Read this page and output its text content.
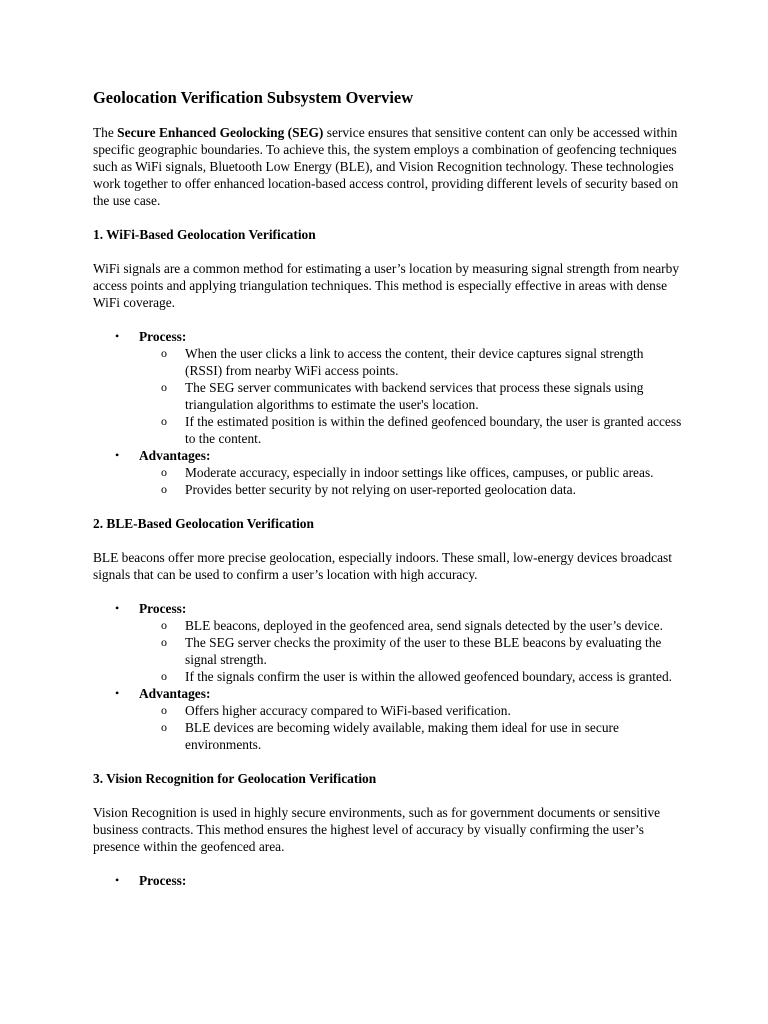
Geolocation Verification Subsystem Overview

The Secure Enhanced Geolocking (SEG) service ensures that sensitive content can only be accessed within specific geographic boundaries. To achieve this, the system employs a combination of geofencing techniques such as WiFi signals, Bluetooth Low Energy (BLE), and Vision Recognition technology. These technologies work together to offer enhanced location-based access control, providing different levels of security based on the use case.

1. WiFi-Based Geolocation Verification

WiFi signals are a common method for estimating a user’s location by measuring signal strength from nearby access points and applying triangulation techniques. This method is especially effective in areas with dense WiFi coverage.

• Process:
o When the user clicks a link to access the content, their device captures signal strength (RSSI) from nearby WiFi access points.
o The SEG server communicates with backend services that process these signals using triangulation algorithms to estimate the user's location.
o If the estimated position is within the defined geofenced boundary, the user is granted access to the content.
• Advantages:
o Moderate accuracy, especially in indoor settings like offices, campuses, or public areas.
o Provides better security by not relying on user-reported geolocation data.
2. BLE-Based Geolocation Verification

BLE beacons offer more precise geolocation, especially indoors. These small, low-energy devices broadcast signals that can be used to confirm a user’s location with high accuracy.

• Process:
o BLE beacons, deployed in the geofenced area, send signals detected by the user’s device.
o The SEG server checks the proximity of the user to these BLE beacons by evaluating the signal strength.
o If the signals confirm the user is within the allowed geofenced boundary, access is granted.
• Advantages:
o Offers higher accuracy compared to WiFi-based verification.
o BLE devices are becoming widely available, making them ideal for use in secure environments.
3. Vision Recognition for Geolocation Verification

Vision Recognition is used in highly secure environments, such as for government documents or sensitive business contracts. This method ensures the highest level of accuracy by visually confirming the user’s presence within the geofenced area.

• Process:
